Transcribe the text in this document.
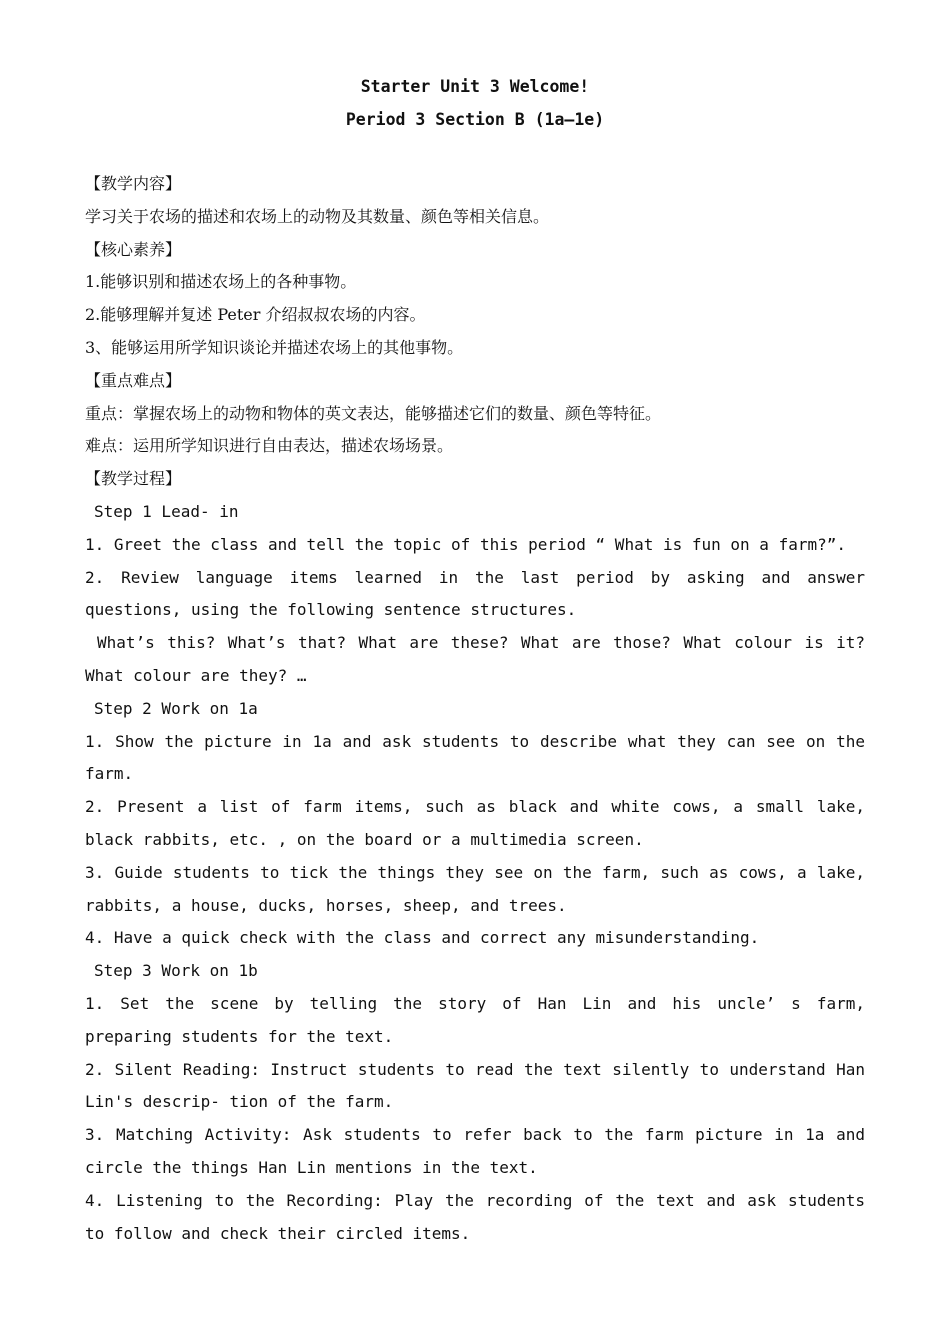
Starter Unit 3 Welcome!
Period 3 Section B (1a–1e)
【教学内容】
学习关于农场的描述和农场上的动物及其数量、颜色等相关信息。
【核心素养】
1.能够识别和描述农场上的各种事物。
2.能够理解并复述 Peter 介绍叔叔农场的内容。
3、能够运用所学知识谈论并描述农场上的其他事物。
【重点难点】
重点：掌握农场上的动物和物体的英文表达，能够描述它们的数量、颜色等特征。
难点：运用所学知识进行自由表达，描述农场场景。
【教学过程】
Step 1 Lead- in
1. Greet the class and tell the topic of this period “ What is fun on a farm?”.
2. Review language items learned in the last period by asking and answer questions, using the following sentence structures.
What’s this? What’s that? What are these? What are those? What colour is it? What colour are they? …
Step 2 Work on 1a
1. Show the picture in 1a and ask students to describe what they can see on the farm.
2. Present a list of farm items, such as black and white cows, a small lake, black rabbits, etc. , on the board or a multimedia screen.
3. Guide students to tick the things they see on the farm, such as cows, a lake, rabbits, a house, ducks, horses, sheep, and trees.
4. Have a quick check with the class and correct any misunderstanding.
Step 3 Work on 1b
1. Set the scene by telling the story of Han Lin and his uncle’ s farm, preparing students for the text.
2. Silent Reading: Instruct students to read the text silently to understand Han Lin's descrip- tion of the farm.
3. Matching Activity: Ask students to refer back to the farm picture in 1a and circle the things Han Lin mentions in the text.
4. Listening to the Recording: Play the recording of the text and ask students to follow and check their circled items.
